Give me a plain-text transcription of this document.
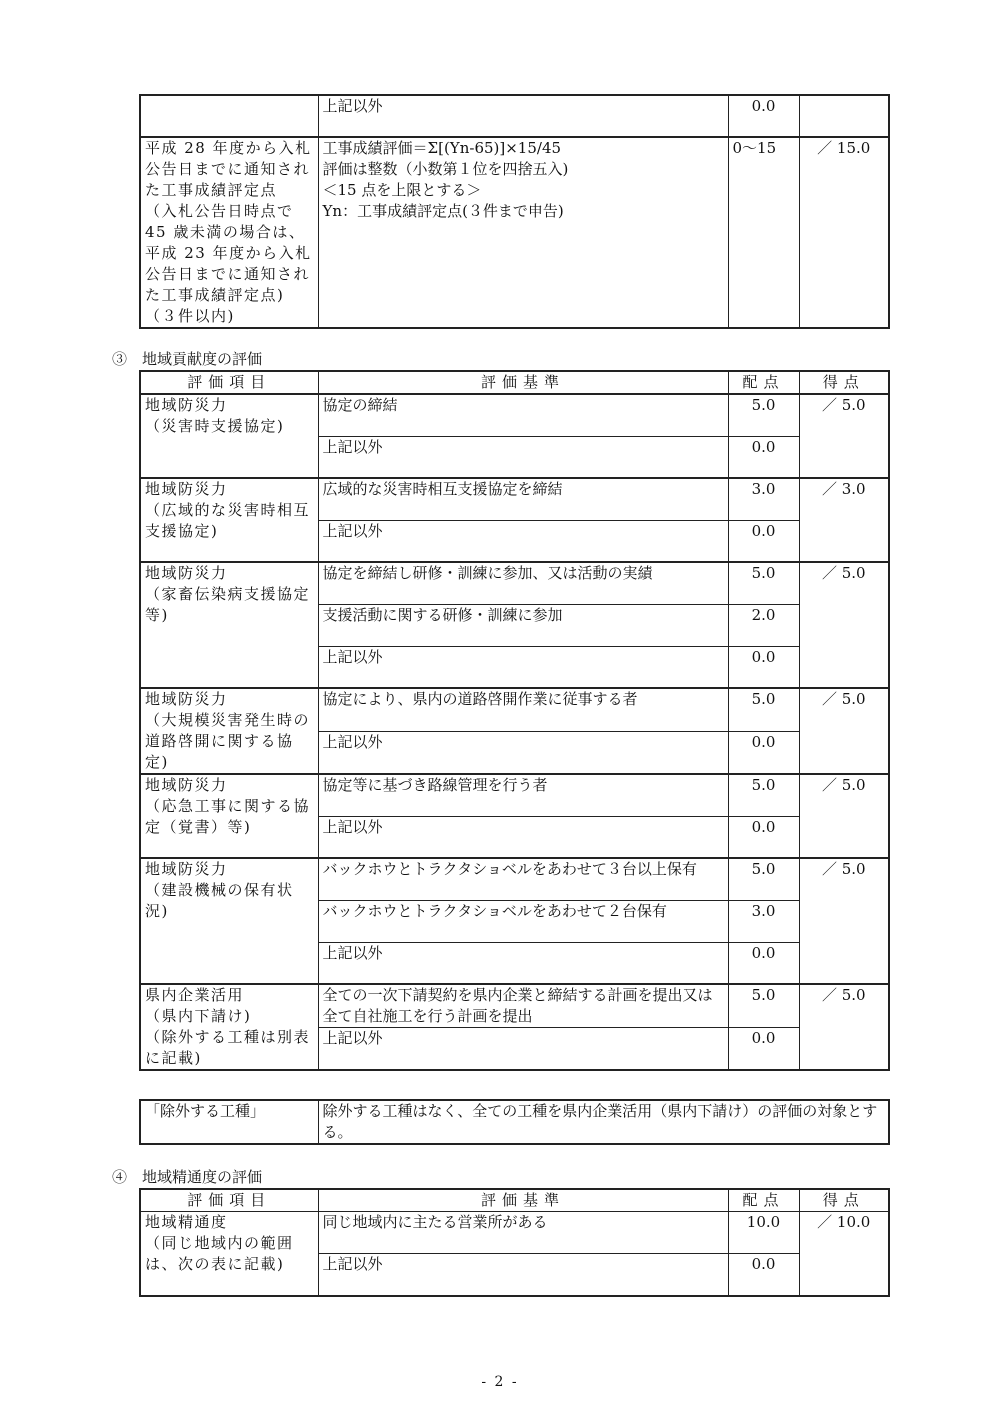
	上記以外	0.0	
平成 28 年度から入札公告日までに通知された工事成績評定点
（入札公告日時点で45 歳未満の場合は、平成 23 年度から入札公告日までに通知された工事成績評定点)
（３件以内)	工事成績評価＝Σ[(Yn-65)]×15/45
評価は整数（小数第１位を四捨五入)
＜15 点を上限とする＞
Yn：工事成績評定点(３件まで申告)	0～15	／ 15.0
③　地域貢献度の評価
評価項目	評価基準	配点	得点
地域防災力
（災害時支援協定)	協定の締結	5.0	／ 5.0
	上記以外	0.0	
地域防災力
（広域的な災害時相互支援協定)	広域的な災害時相互支援協定を締結	3.0	／ 3.0
	上記以外	0.0	
地域防災力
（家畜伝染病支援協定等)	協定を締結し研修・訓練に参加、又は活動の実績	5.0	／ 5.0
	支援活動に関する研修・訓練に参加	2.0	
	上記以外	0.0	
地域防災力
（大規模災害発生時の道路啓開に関する協定)	協定により、県内の道路啓開作業に従事する者	5.0	／ 5.0
	上記以外	0.0	
地域防災力
（応急工事に関する協定（覚書）等)	協定等に基づき路線管理を行う者	5.0	／ 5.0
	上記以外	0.0	
地域防災力
（建設機械の保有状況)	バックホウとトラクタショベルをあわせて３台以上保有	5.0	／ 5.0
	バックホウとトラクタショベルをあわせて２台保有	3.0	
	上記以外	0.0	
県内企業活用
（県内下請け)
（除外する工種は別表に記載)	全ての一次下請契約を県内企業と締結する計画を提出又は全て自社施工を行う計画を提出	5.0	／ 5.0
	上記以外	0.0	
「除外する工種」	除外する工種はなく、全ての工種を県内企業活用（県内下請け）の評価の対象とする。
④　地域精通度の評価
評価項目	評価基準	配点	得点
地域精通度
（同じ地域内の範囲は、次の表に記載)	同じ地域内に主たる営業所がある	10.0	／ 10.0
	上記以外	0.0	
- 2 -
